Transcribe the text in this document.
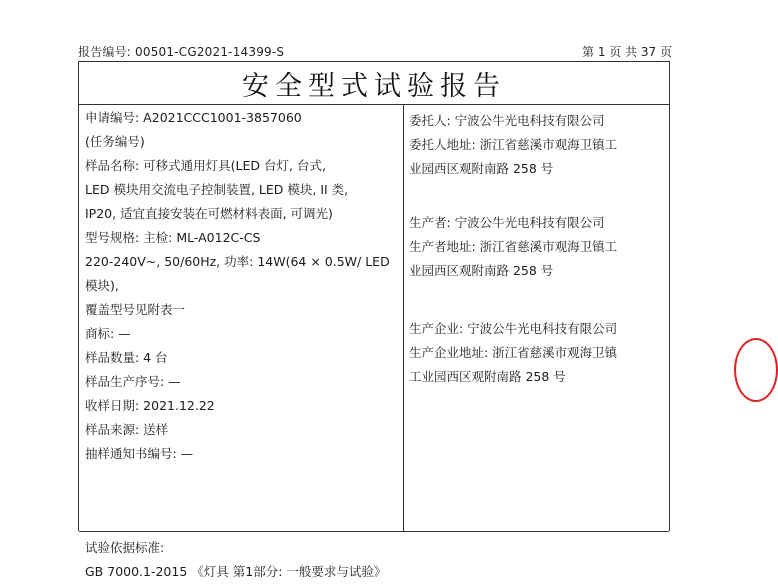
报告编号: 00501-CG2021-14399-S	第 1 页 共 37 页
安全型式试验报告
申请编号: A2021CCC1001-3857060
(任务编号)
样品名称: 可移式通用灯具(LED 台灯, 台式,
LED 模块用交流电子控制装置, LED 模块, II 类,
IP20, 适宜直接安装在可燃材料表面, 可调光)
型号规格: 主检: ML-A012C-CS
220-240V~, 50/60Hz, 功率: 14W(64 × 0.5W/ LED
模块),
覆盖型号见附表一
商标: —
样品数量: 4 台
样品生产序号: —
收样日期: 2021.12.22
样品来源: 送样
抽样通知书编号: —
委托人: 宁波公牛光电科技有限公司
委托人地址: 浙江省慈溪市观海卫镇工
业园西区观附南路 258 号
生产者: 宁波公牛光电科技有限公司
生产者地址: 浙江省慈溪市观海卫镇工
业园西区观附南路 258 号
生产企业: 宁波公牛光电科技有限公司
生产企业地址: 浙江省慈溪市观海卫镇
工业园西区观附南路 258 号
试验依据标准:
GB 7000.1-2015 《灯具 第1部分: 一般要求与试验》
